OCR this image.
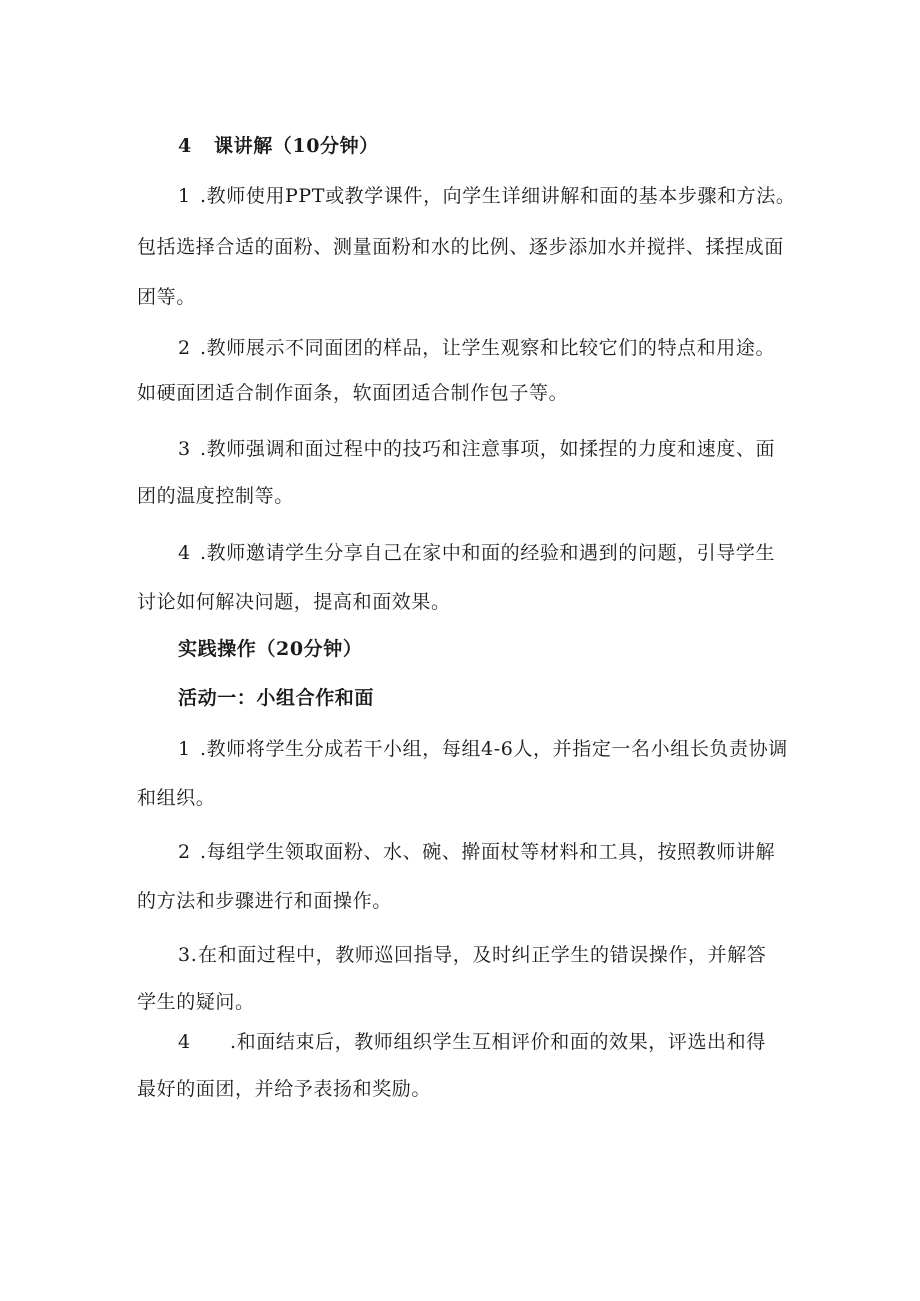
4 课讲解（10分钟）
1 .教师使用PPT或教学课件，向学生详细讲解和面的基本步骤和方法。
包括选择合适的面粉、测量面粉和水的比例、逐步添加水并搅拌、揉捏成面
团等。
2 .教师展示不同面团的样品，让学生观察和比较它们的特点和用途。
如硬面团适合制作面条，软面团适合制作包子等。
3 .教师强调和面过程中的技巧和注意事项，如揉捏的力度和速度、面
团的温度控制等。
4 .教师邀请学生分享自己在家中和面的经验和遇到的问题，引导学生
讨论如何解决问题，提高和面效果。
实践操作（20分钟）
活动一：小组合作和面
1 .教师将学生分成若干小组，每组4-6人，并指定一名小组长负责协调
和组织。
2 .每组学生领取面粉、水、碗、擀面杖等材料和工具，按照教师讲解
的方法和步骤进行和面操作。
3.在和面过程中，教师巡回指导，及时纠正学生的错误操作，并解答
学生的疑问。
4 .和面结束后，教师组织学生互相评价和面的效果，评选出和得
最好的面团，并给予表扬和奖励。
